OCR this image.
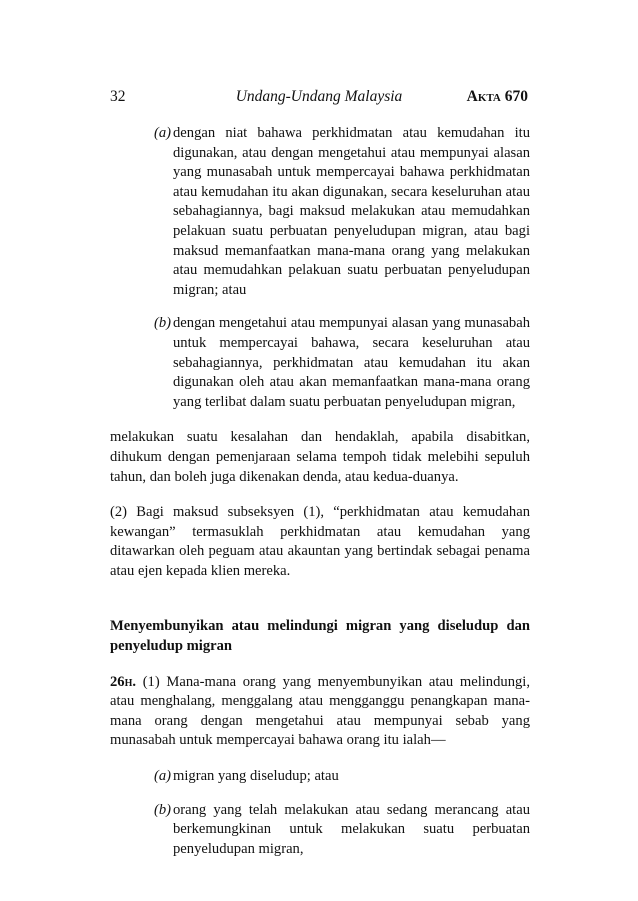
32	Undang-Undang Malaysia	Akta 670
(a) dengan niat bahawa perkhidmatan atau kemudahan itu digunakan, atau dengan mengetahui atau mempunyai alasan yang munasabah untuk mempercayai bahawa perkhidmatan atau kemudahan itu akan digunakan, secara keseluruhan atau sebahagiannya, bagi maksud melakukan atau memudahkan pelakuan suatu perbuatan penyeludupan migran, atau bagi maksud memanfaatkan mana-mana orang yang melakukan atau memudahkan pelakuan suatu perbuatan penyeludupan migran; atau
(b) dengan mengetahui atau mempunyai alasan yang munasabah untuk mempercayai bahawa, secara keseluruhan atau sebahagiannya, perkhidmatan atau kemudahan itu akan digunakan oleh atau akan memanfaatkan mana-mana orang yang terlibat dalam suatu perbuatan penyeludupan migran,

melakukan suatu kesalahan dan hendaklah, apabila disabitkan, dihukum dengan pemenjaraan selama tempoh tidak melebihi sepuluh tahun, dan boleh juga dikenakan denda, atau kedua-duanya.

(2) Bagi maksud subseksyen (1), “perkhidmatan atau kemudahan kewangan” termasuklah perkhidmatan atau kemudahan yang ditawarkan oleh peguam atau akauntan yang bertindak sebagai penama atau ejen kepada klien mereka.

Menyembunyikan atau melindungi migran yang diseludup dan penyeludup migran

26h. (1) Mana-mana orang yang menyembunyikan atau melindungi, atau menghalang, menggalang atau mengganggu penangkapan mana-mana orang dengan mengetahui atau mempunyai sebab yang munasabah untuk mempercayai bahawa orang itu ialah—

(a) migran yang diseludup; atau
(b) orang yang telah melakukan atau sedang merancang atau berkemungkinan untuk melakukan suatu perbuatan penyeludupan migran,
